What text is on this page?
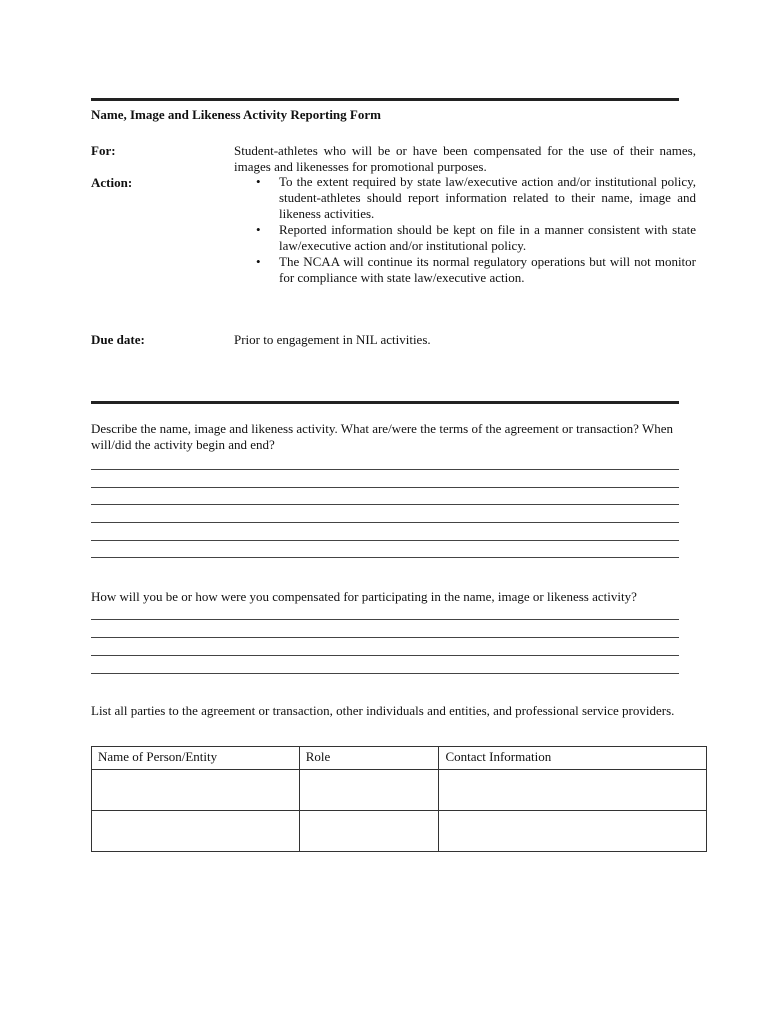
Name, Image and Likeness Activity Reporting Form
For:	Student-athletes who will be or have been compensated for the use of their names, images and likenesses for promotional purposes.
Action:	• To the extent required by state law/executive action and/or institutional policy, student-athletes should report information related to their name, image and likeness activities.
• Reported information should be kept on file in a manner consistent with state law/executive action and/or institutional policy.
• The NCAA will continue its normal regulatory operations but will not monitor for compliance with state law/executive action.
Due date:	Prior to engagement in NIL activities.
Describe the name, image and likeness activity. What are/were the terms of the agreement or transaction? When will/did the activity begin and end?
How will you be or how were you compensated for participating in the name, image or likeness activity?
List all parties to the agreement or transaction, other individuals and entities, and professional service providers.
Name of Person/Entity	Role	Contact Information
